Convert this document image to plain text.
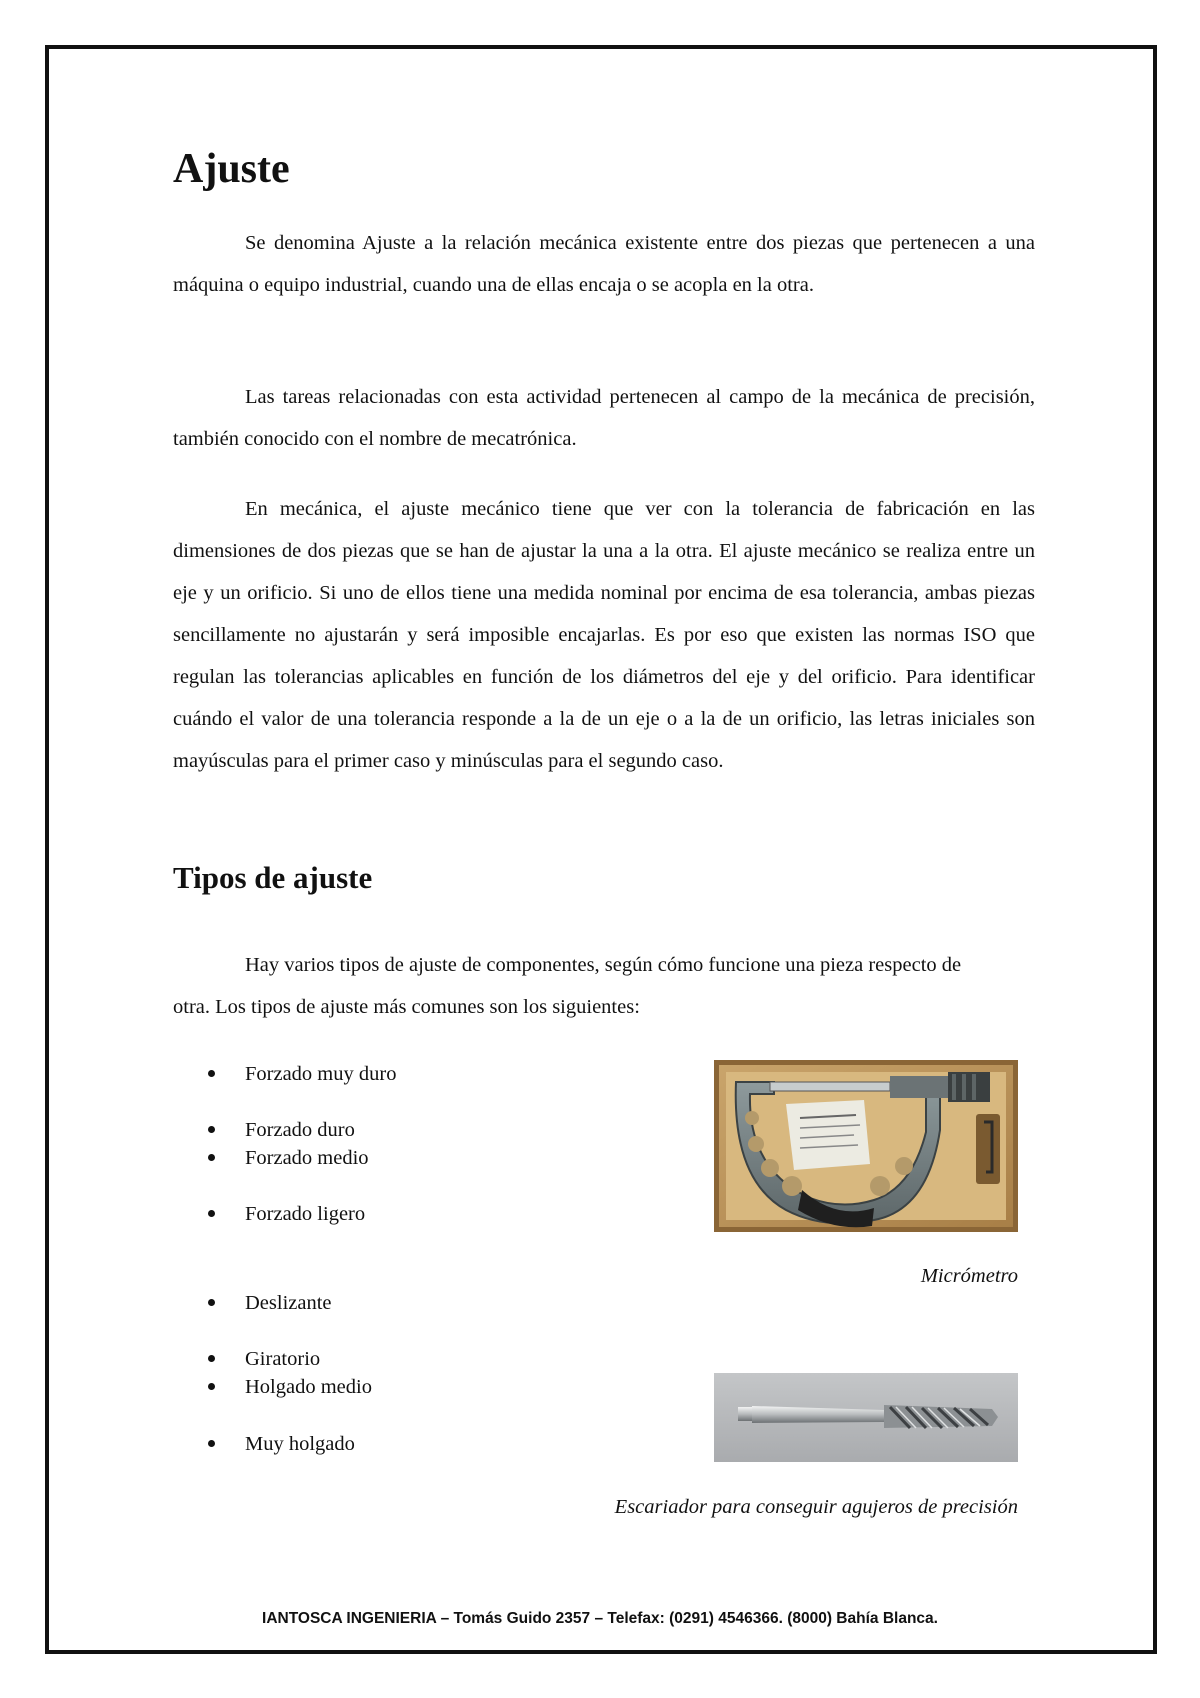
Ajuste

Se denomina Ajuste a la relación mecánica existente entre dos piezas que pertenecen a una máquina o equipo industrial, cuando una de ellas encaja o se acopla en la otra.

Las tareas relacionadas con esta actividad pertenecen al campo de la mecánica de precisión, también conocido con el nombre de mecatrónica.

En mecánica, el ajuste mecánico tiene que ver con la tolerancia de fabricación en las dimensiones de dos piezas que se han de ajustar la una a la otra. El ajuste mecánico se realiza entre un eje y un orificio. Si uno de ellos tiene una medida nominal por encima de esa tolerancia, ambas piezas sencillamente no ajustarán y será imposible encajarlas. Es por eso que existen las normas ISO que regulan las tolerancias aplicables en función de los diámetros del eje y del orificio. Para identificar cuándo el valor de una tolerancia responde a la de un eje o a la de un orificio, las letras iniciales son mayúsculas para el primer caso y minúsculas para el segundo caso.

Tipos de ajuste

Hay varios tipos de ajuste de componentes, según cómo funcione una pieza respecto de otra. Los tipos de ajuste más comunes son los siguientes:

Forzado muy duro
Forzado duro
Forzado medio
Forzado ligero
Deslizante
Giratorio
Holgado medio
Muy holgado
Micrómetro
Escariador para conseguir agujeros de precisión
IANTOSCA INGENIERIA – Tomás Guido 2357 – Telefax: (0291) 4546366. (8000) Bahía Blanca.
